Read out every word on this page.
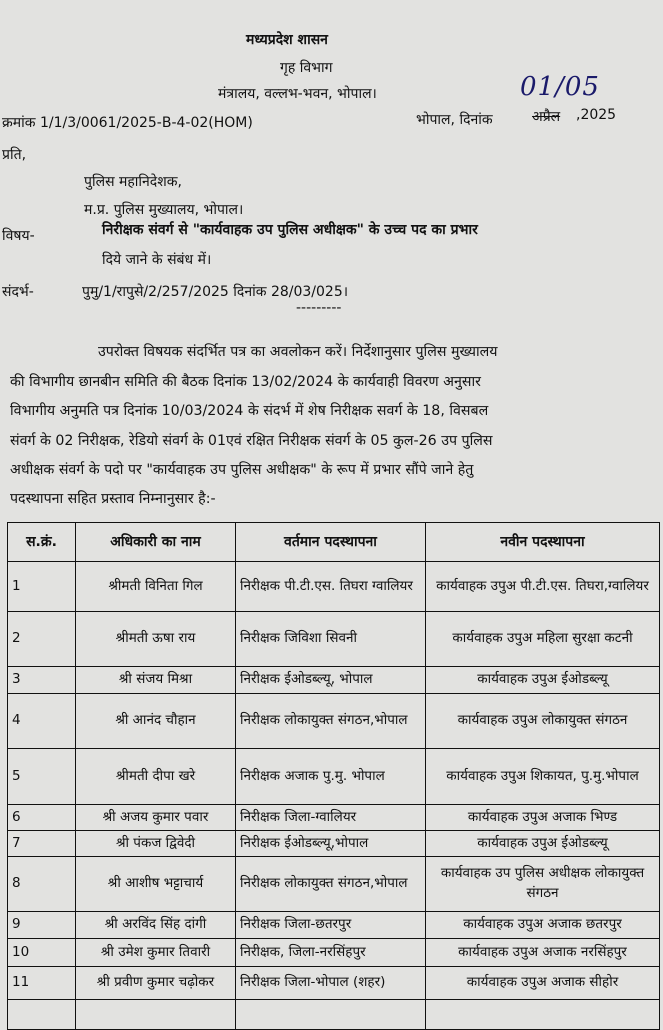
मध्यप्रदेश शासन
गृह विभाग
मंत्रालय, वल्लभ-भवन, भोपाल।
क्रमांक 1/1/3/0061/2025-B-4-02(HOM)	भोपाल, दिनांक
01/05
अप्रैल ,2025
प्रति,
पुलिस महानिदेशक,
म.प्र. पुलिस मुख्यालय, भोपाल।
विषय-	निरीक्षक संवर्ग से "कार्यवाहक उप पुलिस अधीक्षक" के उच्च पद का प्रभार
दिये जाने के संबंध में।
संदर्भ-	पुमु/1/रापुसे/2/257/2025 दिनांक 28/03/025।
---------
उपरोक्त विषयक संदर्भित पत्र का अवलोकन करें। निर्देशानुसार पुलिस मुख्यालय
की विभागीय छानबीन समिति की बैठक दिनांक 13/02/2024 के कार्यवाही विवरण अनुसार
विभागीय अनुमति पत्र दिनांक 10/03/2024 के संदर्भ में शेष निरीक्षक सवर्ग के 18, विसबल
संवर्ग के 02 निरीक्षक, रेडियो संवर्ग के 01एवं रक्षित निरीक्षक संवर्ग के 05 कुल-26 उप पुलिस
अधीक्षक संवर्ग के पदो पर "कार्यवाहक उप पुलिस अधीक्षक" के रूप में प्रभार सौंपे जाने हेतु
पदस्थापना सहित प्रस्ताव निम्नानुसार है:-
स.क्रं.	अधिकारी का नाम	वर्तमान पदस्थापना	नवीन पदस्थापना
1	श्रीमती विनिता गिल	निरीक्षक पी.टी.एस. तिघरा ग्वालियर	कार्यवाहक उपुअ पी.टी.एस. तिघरा,ग्वालियर
2	श्रीमती ऊषा राय	निरीक्षक जिविशा सिवनी	कार्यवाहक उपुअ महिला सुरक्षा कटनी
3	श्री संजय मिश्रा	निरीक्षक ईओडब्ल्यू, भोपाल	कार्यवाहक उपुअ ईओडब्ल्यू
4	श्री आनंद चौहान	निरीक्षक लोकायुक्त संगठन,भोपाल	कार्यवाहक उपुअ लोकायुक्त संगठन
5	श्रीमती दीपा खरे	निरीक्षक अजाक पु.मु. भोपाल	कार्यवाहक उपुअ शिकायत, पु.मु.भोपाल
6	श्री अजय कुमार पवार	निरीक्षक जिला-ग्वालियर	कार्यवाहक उपुअ अजाक भिण्ड
7	श्री पंकज द्विवेदी	निरीक्षक ईओडब्ल्यू,भोपाल	कार्यवाहक उपुअ ईओडब्ल्यू
8	श्री आशीष भट्टाचार्य	निरीक्षक लोकायुक्त संगठन,भोपाल	कार्यवाहक उप पुलिस अधीक्षक लोकायुक्त संगठन
9	श्री अरविंद सिंह दांगी	निरीक्षक जिला-छतरपुर	कार्यवाहक उपुअ अजाक छतरपुर
10	श्री उमेश कुमार तिवारी	निरीक्षक, जिला-नरसिंहपुर	कार्यवाहक उपुअ अजाक नरसिंहपुर
11	श्री प्रवीण कुमार चढ़ोकर	निरीक्षक जिला-भोपाल (शहर)	कार्यवाहक उपुअ अजाक सीहोर
